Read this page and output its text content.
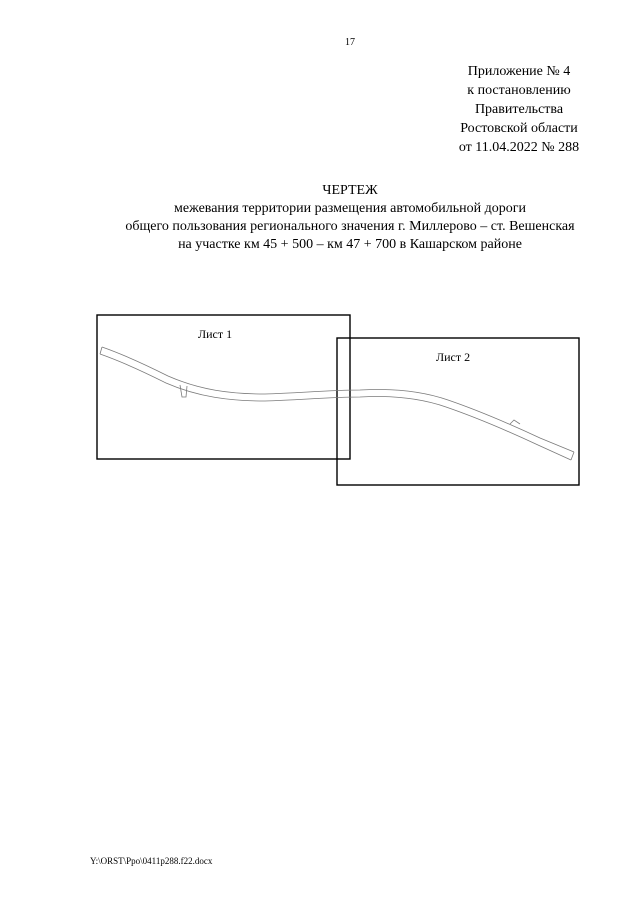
17
Приложение № 4
к постановлению
Правительства
Ростовской области
от 11.04.2022 № 288
ЧЕРТЕЖ
межевания территории размещения автомобильной дороги
общего пользования регионального значения г. Миллерово – ст. Вешенская
на участке км 45 + 500 – км 47 + 700 в Кашарском районе
Лист 1
Лист 2
Y:\ORST\Ppo\0411p288.f22.docx
